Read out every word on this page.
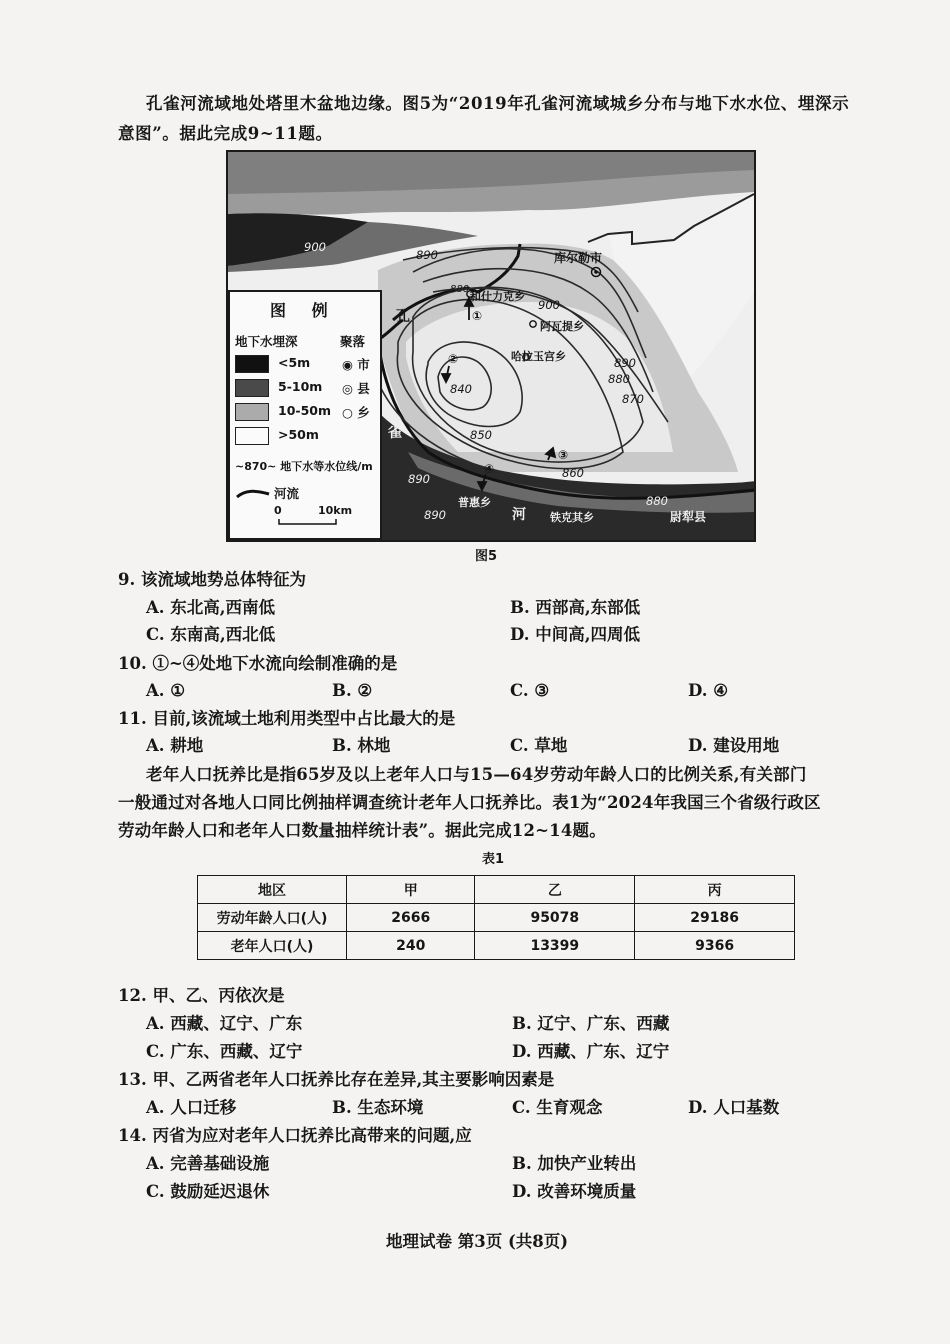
孔雀河流域地处塔里木盆地边缘。图5为“2019年孔雀河流域城乡分布与地下水水位、埋深示
意图”。据此完成9~11题。
图 例
地下水埋深	聚落
<5m
5-10m
10-50m
>50m
◉ 市
◎ 县
○ 乡
~870~ 地下水等水位线/m
河流
0	10km
库尔勒市
和什力克乡
阿瓦提乡
哈拉玉宫乡
普惠乡
铁克其乡	尉犁县
孔
雀
河
900
890
880
900
890
880
870
840
850
860
890
890
880
①
②
③
④
图5
9. 该流域地势总体特征为
A. 东北高,西南低	B. 西部高,东部低
C. 东南高,西北低	D. 中间高,四周低
10. ①~④处地下水流向绘制准确的是
A. ①	B. ②	C. ③	D. ④
11. 目前,该流域土地利用类型中占比最大的是
A. 耕地	B. 林地	C. 草地	D. 建设用地
老年人口抚养比是指65岁及以上老年人口与15—64岁劳动年龄人口的比例关系,有关部门
一般通过对各地人口同比例抽样调查统计老年人口抚养比。表1为“2024年我国三个省级行政区
劳动年龄人口和老年人口数量抽样统计表”。据此完成12~14题。
表1
地区	甲	乙	丙
劳动年龄人口(人)	2666	95078	29186
老年人口(人)	240	13399	9366
12. 甲、乙、丙依次是
A. 西藏、辽宁、广东	B. 辽宁、广东、西藏
C. 广东、西藏、辽宁	D. 西藏、广东、辽宁
13. 甲、乙两省老年人口抚养比存在差异,其主要影响因素是
A. 人口迁移	B. 生态环境	C. 生育观念	D. 人口基数
14. 丙省为应对老年人口抚养比高带来的问题,应
A. 完善基础设施	B. 加快产业转出
C. 鼓励延迟退休	D. 改善环境质量
地理试卷 第3页 (共8页)
